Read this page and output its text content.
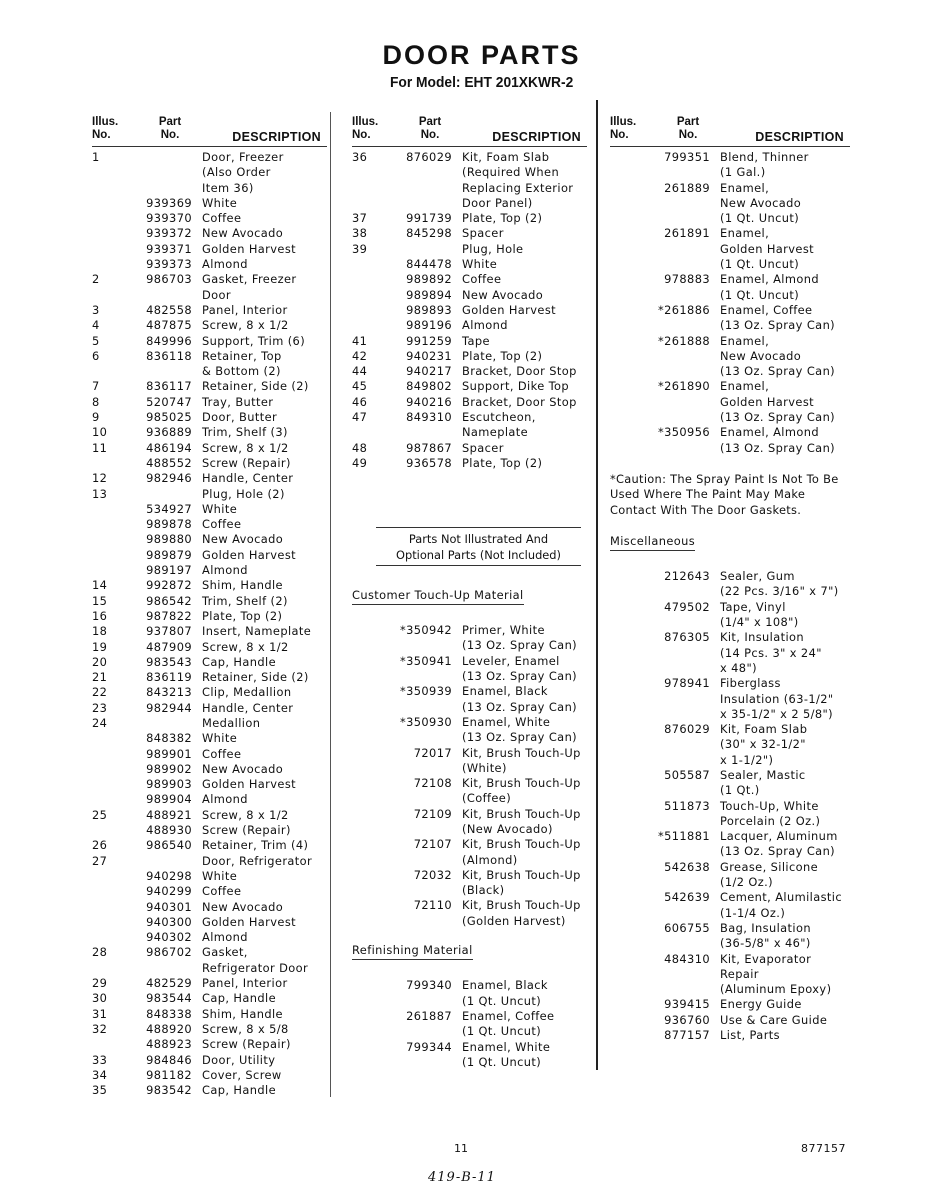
DOOR PARTS
For Model: EHT 201XKWR-2
Illus.
No.
Part
No.	DESCRIPTION
1	Door, Freezer
(Also Order
Item 36)
939369 White
939370 Coffee
939372 New Avocado
939371 Golden Harvest
939373 Almond
2	986703 Gasket, Freezer
Door
3	482558 Panel, Interior
4	487875 Screw, 8 x 1/2
5	849996 Support, Trim (6)
6	836118 Retainer, Top
& Bottom (2)
7	836117 Retainer, Side (2)
8	520747 Tray, Butter
9	985025 Door, Butter
10	936889 Trim, Shelf (3)
11	486194 Screw, 8 x 1/2
488552 Screw (Repair)
12	982946 Handle, Center
13	Plug, Hole (2)
534927 White
989878 Coffee
989880 New Avocado
989879 Golden Harvest
989197 Almond
14	992872 Shim, Handle
15	986542 Trim, Shelf (2)
16	987822 Plate, Top (2)
18	937807 Insert, Nameplate
19	487909 Screw, 8 x 1/2
20	983543 Cap, Handle
21	836119 Retainer, Side (2)
22	843213 Clip, Medallion
23	982944 Handle, Center
24	Medallion
848382 White
989901 Coffee
989902 New Avocado
989903 Golden Harvest
989904 Almond
25	488921 Screw, 8 x 1/2
488930 Screw (Repair)
26	986540 Retainer, Trim (4)
27	Door, Refrigerator
940298 White
940299 Coffee
940301 New Avocado
940300 Golden Harvest
940302 Almond
28	986702 Gasket,
Refrigerator Door
29	482529 Panel, Interior
30	983544 Cap, Handle
31	848338 Shim, Handle
32	488920 Screw, 8 x 5/8
488923 Screw (Repair)
33	984846 Door, Utility
34	981182 Cover, Screw
35	983542 Cap, Handle
Illus.
No.
Part
No.	DESCRIPTION
36	876029 Kit, Foam Slab
(Required When
Replacing Exterior
Door Panel)
37	991739 Plate, Top (2)
38	845298 Spacer
39	Plug, Hole
844478 White
989892 Coffee
989894 New Avocado
989893 Golden Harvest
989196 Almond
41	991259 Tape
42	940231 Plate, Top (2)
44	940217 Bracket, Door Stop
45	849802 Support, Dike Top
46	940216 Bracket, Door Stop
47	849310 Escutcheon,
Nameplate
48	987867 Spacer
49	936578 Plate, Top (2)
Parts Not Illustrated And
Optional Parts (Not Included)
Customer Touch-Up Material
*350942 Primer, White
(13 Oz. Spray Can)
*350941 Leveler, Enamel
(13 Oz. Spray Can)
*350939 Enamel, Black
(13 Oz. Spray Can)
*350930 Enamel, White
(13 Oz. Spray Can)
72017 Kit, Brush Touch-Up
(White)
72108 Kit, Brush Touch-Up
(Coffee)
72109 Kit, Brush Touch-Up
(New Avocado)
72107 Kit, Brush Touch-Up
(Almond)
72032 Kit, Brush Touch-Up
(Black)
72110 Kit, Brush Touch-Up
(Golden Harvest)
Refinishing Material
799340 Enamel, Black
(1 Qt. Uncut)
261887 Enamel, Coffee
(1 Qt. Uncut)
799344 Enamel, White
(1 Qt. Uncut)
Illus.
No.
Part
No.	DESCRIPTION
799351 Blend, Thinner
(1 Gal.)
261889 Enamel,
New Avocado
(1 Qt. Uncut)
261891 Enamel,
Golden Harvest
(1 Qt. Uncut)
978883 Enamel, Almond
(1 Qt. Uncut)
*261886 Enamel, Coffee
(13 Oz. Spray Can)
*261888 Enamel,
New Avocado
(13 Oz. Spray Can)
*261890 Enamel,
Golden Harvest
(13 Oz. Spray Can)
*350956 Enamel, Almond
(13 Oz. Spray Can)
*Caution: The Spray Paint Is Not To Be Used Where The Paint May Make Contact With The Door Gaskets.
Miscellaneous
212643 Sealer, Gum
(22 Pcs. 3/16" x 7")
479502 Tape, Vinyl
(1/4" x 108")
876305 Kit, Insulation
(14 Pcs. 3" x 24"
x 48")
978941 Fiberglass
Insulation (63-1/2"
x 35-1/2" x 2 5/8")
876029 Kit, Foam Slab
(30" x 32-1/2"
x 1-1/2")
505587 Sealer, Mastic
(1 Qt.)
511873 Touch-Up, White
Porcelain (2 Oz.)
*511881 Lacquer, Aluminum
(13 Oz. Spray Can)
542638 Grease, Silicone
(1/2 Oz.)
542639 Cement, Alumilastic
(1-1/4 Oz.)
606755 Bag, Insulation
(36-5/8" x 46")
484310 Kit, Evaporator
Repair
(Aluminum Epoxy)
939415 Energy Guide
936760 Use & Care Guide
877157 List, Parts
11	877157
419-B-11
